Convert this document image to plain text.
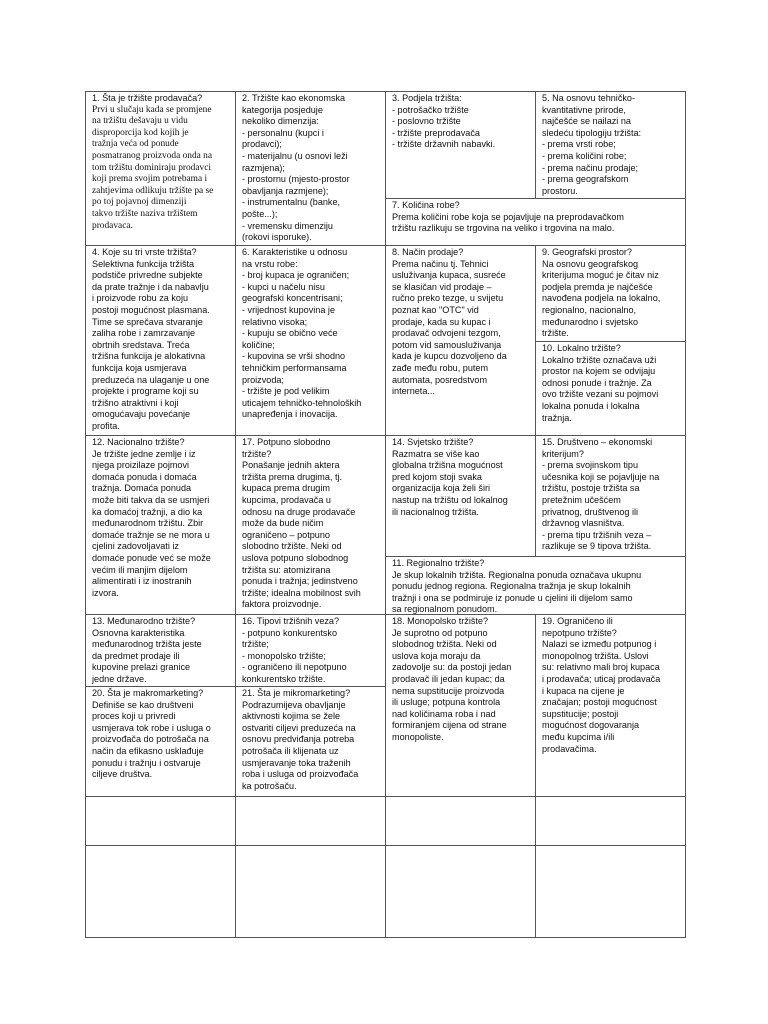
1. Šta je tržište prodavača?
Prvi u slučaju kada se promjene
na tržištu dešavaju u vidu
disproporcija kod kojih je
tražnja veća od ponude
posmatranog proizvoda onda na
tom tržištu dominiraju prodavci
koji prema svojim potrebama i
zahtjevima odlikuju tržište pa se
po toj pojavnoj dimenziji
takvo tržište naziva tržištem
prodavaca.
2. Tržište kao ekonomska
kategorija posjeduje
nekoliko dimenzija:
- personalnu (kupci i
prodavci);
- materijalnu (u osnovi leži
razmjena);
- prostornu (mjesto-prostor
obavljanja razmjene);
- instrumentalnu (banke,
pošte...);
- vremensku dimenziju
(rokovi isporuke).
3. Podjela tržišta:
- potrošačko tržište
- poslovno tržište
- tržište preprodavača
- tržište državnih nabavki.
5. Na osnovu tehničko-
kvantitativne prirode,
najčešće se nailazi na
sledeću tipologiju tržišta:
- prema vrsti robe;
- prema količini robe;
- prema načinu prodaje;
- prema geografskom
prostoru.
7. Količina robe?
Prema količini robe koja se pojavljuje na preprodavačkom
tržištu razlikuju se trgovina na veliko i trgovina na malo.
4. Koje su tri vrste tržišta?
Selektivna funkcija tržišta
podstiče privredne subjekte
da prate tražnje i da nabavlju
i proizvode robu za koju
postoji mogućnost plasmana.
Time se sprečava stvaranje
zaliha robe i zamrzavanje
obrtnih sredstava. Treća
tržišna funkcija je alokativna
funkcija koja usmjerava
preduzeća na ulaganje u one
projekte i programe koji su
tržišno atraktivni i koji
omogućavaju povećanje
profita.
6. Karakteristike u odnosu
na vrstu robe:
- broj kupaca je ograničen;
- kupci u načelu nisu
geografski koncentrisani;
- vrijednost kupovina je
relativno visoka;
- kupuju se obično veće
količine;
- kupovina se vrši shodno
tehničkim performansama
proizvoda;
- tržište je pod velikim
uticajem tehničko-tehnoloških
unapređenja i inovacija.
8. Način prodaje?
Prema načinu tj. Tehnici
usluživanja kupaca, susreće
se klasičan vid prodaje –
ručno preko tezge, u svijetu
poznat kao "OTC" vid
prodaje, kada su kupac i
prodavač odvojeni tezgom,
potom vid samousluživanja
kada je kupcu dozvoljeno da
zađe među robu, putem
automata, posredstvom
interneta...
9. Geografski prostor?
Na osnovu geografskog
kriterijuma moguć je čitav niz
podjela premda je najčešće
navođena podjela na lokalno,
regionalno, nacionalno,
međunarodno i svjetsko
tržište.
10. Lokalno tržište?
Lokalno tržište označava uži
prostor na kojem se odvijaju
odnosi ponude i tražnje. Za
ovo tržište vezani su pojmovi
lokalna ponuda i lokalna
tražnja.
12. Nacionalno tržište?
Je tržište jedne zemlje i iz
njega proizilaze pojmovi
domaća ponuda i domaća
tražnja. Domaća ponuda
može biti takva da se usmjeri
ka domaćoj tražnji, a dio ka
međunarodnom tržištu. Zbir
domaće tražnje se ne mora u
cjelini zadovoljavati iz
domaće ponude već se može
većim ili manjim dijelom
alimentirati i iz inostranih
izvora.
17. Potpuno slobodno
tržište?
Ponašanje jednih aktera
tržišta prema drugima, tj.
kupaca prema drugim
kupcima, prodavača u
odnosu na druge prodavače
može da bude ničim
ograničeno – potpuno
slobodno tržište. Neki od
uslova potpuno slobodnog
tržišta su: atomizirana
ponuda i tražnja; jedinstveno
tržište; idealna mobilnost svih
faktora proizvodnje.
14. Svjetsko tržište?
Razmatra se više kao
globalna tržišna mogućnost
pred kojom stoji svaka
organizacija koja želi širi
nastup na tržištu od lokalnog
ili nacionalnog tržišta.
15. Društveno – ekonomski
kriterijum?
- prema svojinskom tipu
učesnika koji se pojavljuje na
tržištu, postoje tržišta sa
pretežnim učešćem
privatnog, društvenog ili
državnog vlasništva.
- prema tipu tržišnih veza –
razlikuje se 9 tipova tržišta.
11. Regionalno tržište?
Je skup lokalnih tržišta. Regionalna ponuda označava ukupnu
ponudu jednog regiona. Regionalna tražnja je skup lokalnih
tražnji i ona se podmiruje iz ponude u cjelini ili dijelom samo
sa regionalnom ponudom.
13. Međunarodno tržište?
Osnovna karakteristika
međunarodnog tržišta jeste
da predmet prodaje ili
kupovine prelazi granice
jedne države.
16. Tipovi tržišnih veza?
- potpuno konkurentsko
tržište;
- monopolsko tržište;
- ograničeno ili nepotpuno
konkurentsko tržište.
18. Monopolsko tržište?
Je suprotno od potpuno
slobodnog tržišta. Neki od
uslova koja moraju da
zadovolje su: da postoji jedan
prodavač ili jedan kupac; da
nema supstitucije proizvoda
ili usluge; potpuna kontrola
nad količinama roba i nad
formiranjem cijena od strane
monopoliste.
19. Ograničeno ili
nepotpuno tržište?
Nalazi se između potpunog i
monopolnog tržišta. Uslovi
su: relativno mali broj kupaca
i prodavača; uticaj prodavača
i kupaca na cijene je
značajan; postoji mogućnost
supstitucije; postoji
mogućnost dogovaranja
među kupcima i/ili
prodavačima.
20. Šta je makromarketing?
Definiše se kao društveni
proces koji u privredi
usmjerava tok robe i usluga o
proizvođača do potrošača na
način da efikasno usklađuje
ponudu i tražnju i ostvaruje
ciljeve društva.
21. Šta je mikromarketing?
Podrazumijeva obavljanje
aktivnosti kojima se žele
ostvariti ciljevi preduzeća na
osnovu predviđanja potreba
potrošača ili klijenata uz
usmjeravanje toka traženih
roba i usluga od proizvođača
ka potrošaču.
